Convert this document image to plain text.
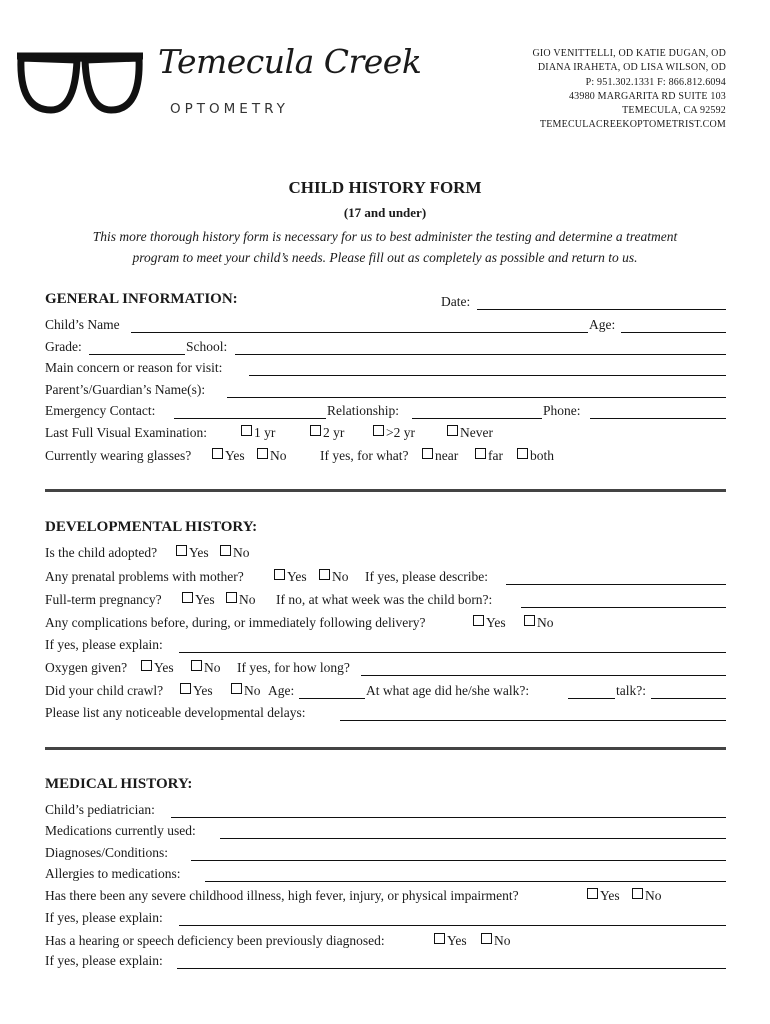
Temecula Creek
OPTOMETRY
GIO VENITTELLI, OD KATIE DUGAN, OD
DIANA IRAHETA, OD LISA WILSON, OD
P: 951.302.1331 F: 866.812.6094
43980 MARGARITA RD SUITE 103
TEMECULA, CA 92592
TEMECULACREEKOPTOMETRIST.COM
CHILD HISTORY FORM
(17 and under)
This more thorough history form is necessary for us to best administer the testing and determine a treatment
program to meet your child’s needs. Please fill out as completely as possible and return to us.
GENERAL INFORMATION:	Date:
Child’s Name	Age:
Grade:	School:
Main concern or reason for visit:
Parent’s/Guardian’s Name(s):
Emergency Contact:	Relationship:	Phone:
Last Full Visual Examination:	1 yr	2 yr	>2 yr	Never
Currently wearing glasses?	Yes	No If yes, for what?	near	far	both
DEVELOPMENTAL HISTORY:
Is the child adopted?	Yes	No
Any prenatal problems with mother?	Yes	No If yes, please describe:
Full-term pregnancy?	Yes	No If no, at what week was the child born?:
Any complications before, during, or immediately following delivery?	Yes	No
If yes, please explain:
Oxygen given?	Yes	No If yes, for how long?
Did your child crawl?	Yes	No Age:	At what age did he/she walk?:	talk?:
Please list any noticeable developmental delays:
MEDICAL HISTORY:
Child’s pediatrician:
Medications currently used:
Diagnoses/Conditions:
Allergies to medications:
Has there been any severe childhood illness, high fever, injury, or physical impairment?	Yes	No
If yes, please explain:
Has a hearing or speech deficiency been previously diagnosed:	Yes	No
If yes, please explain:
